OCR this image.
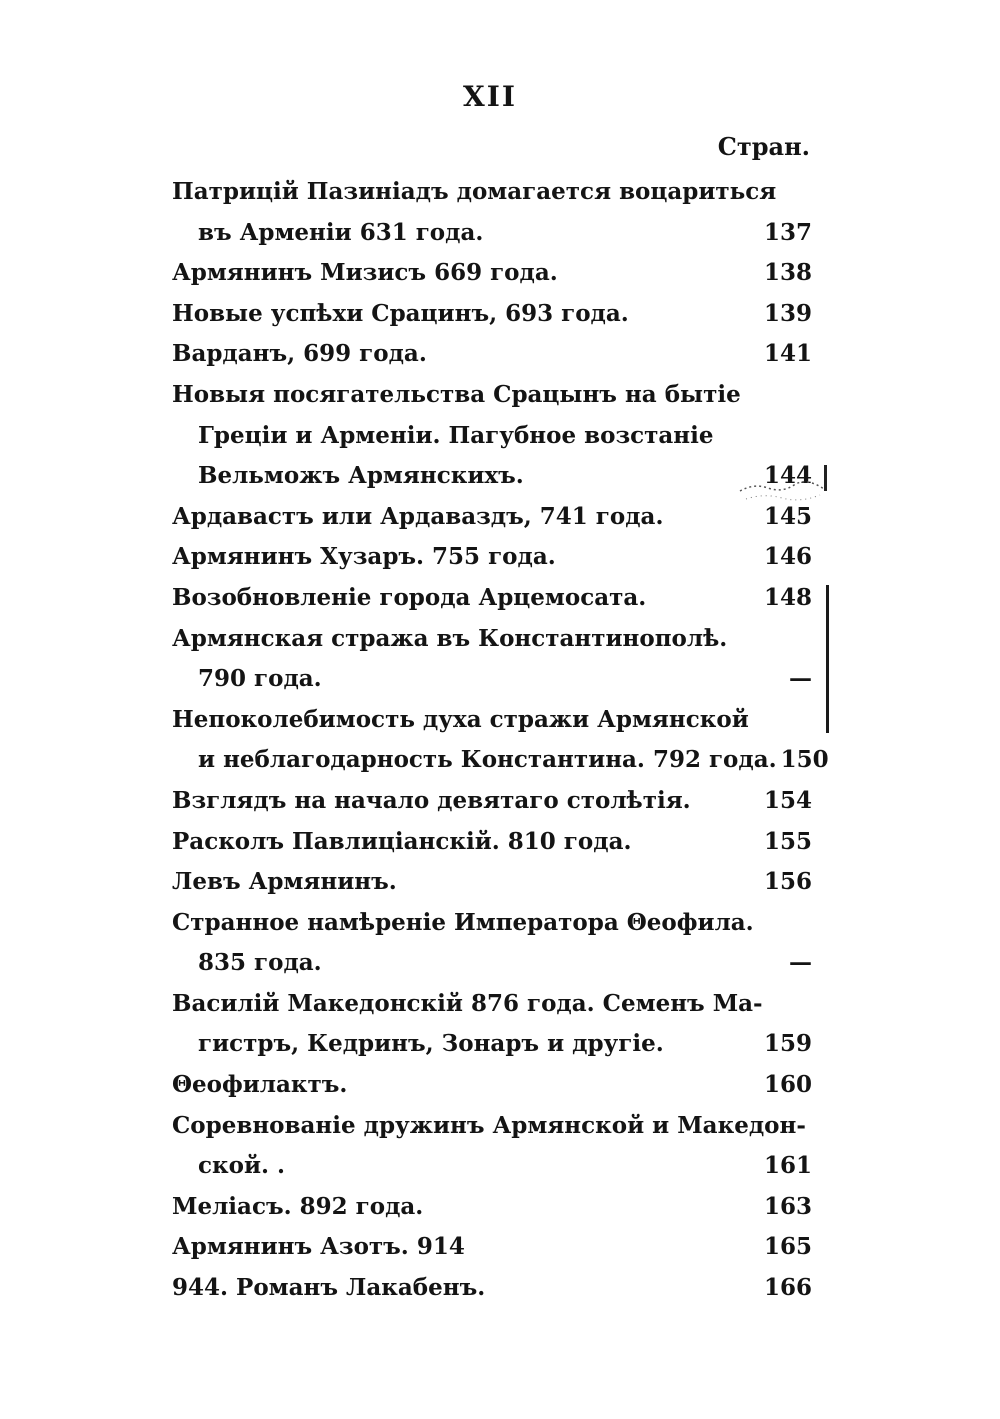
XII
Стран.
Патрицій Пазиніадъ домагается воцариться
въ Арменіи 631 года.	137
Армянинъ Мизисъ 669 года.	138
Новые успѣхи Срацинъ, 693 года.	139
Варданъ, 699 года.	141
Новыя посягательства Срацынъ на бытіе
Греціи и Арменіи. Пагубное возстаніе
Вельможъ Армянскихъ.	144
Ардавастъ или Ардаваздъ, 741 года.	145
Армянинъ Хузаръ. 755 года.	146
Возобновленіе города Арцемосата.	148
Армянская стража въ Константинополѣ.
790 года.	—
Непоколебимость духа стражи Армянской
и неблагодарность Константина. 792 года. 150
Взглядъ на начало девятаго столѣтія.	154
Расколъ Павлиціанскій. 810 года.	155
Левъ Армянинъ.	156
Странное намѣреніе Императора Θеофила.
835 года.	—
Василій Македонскій 876 года. Семенъ Ма-
гистръ, Кедринъ, Зонаръ и другіе.	159
Θеофилактъ.	160
Соревнованіе дружинъ Армянской и Македон-
ской. .	161
Меліасъ. 892 года.	163
Армянинъ Азотъ. 914	165
944. Романъ Лакабенъ.	166
